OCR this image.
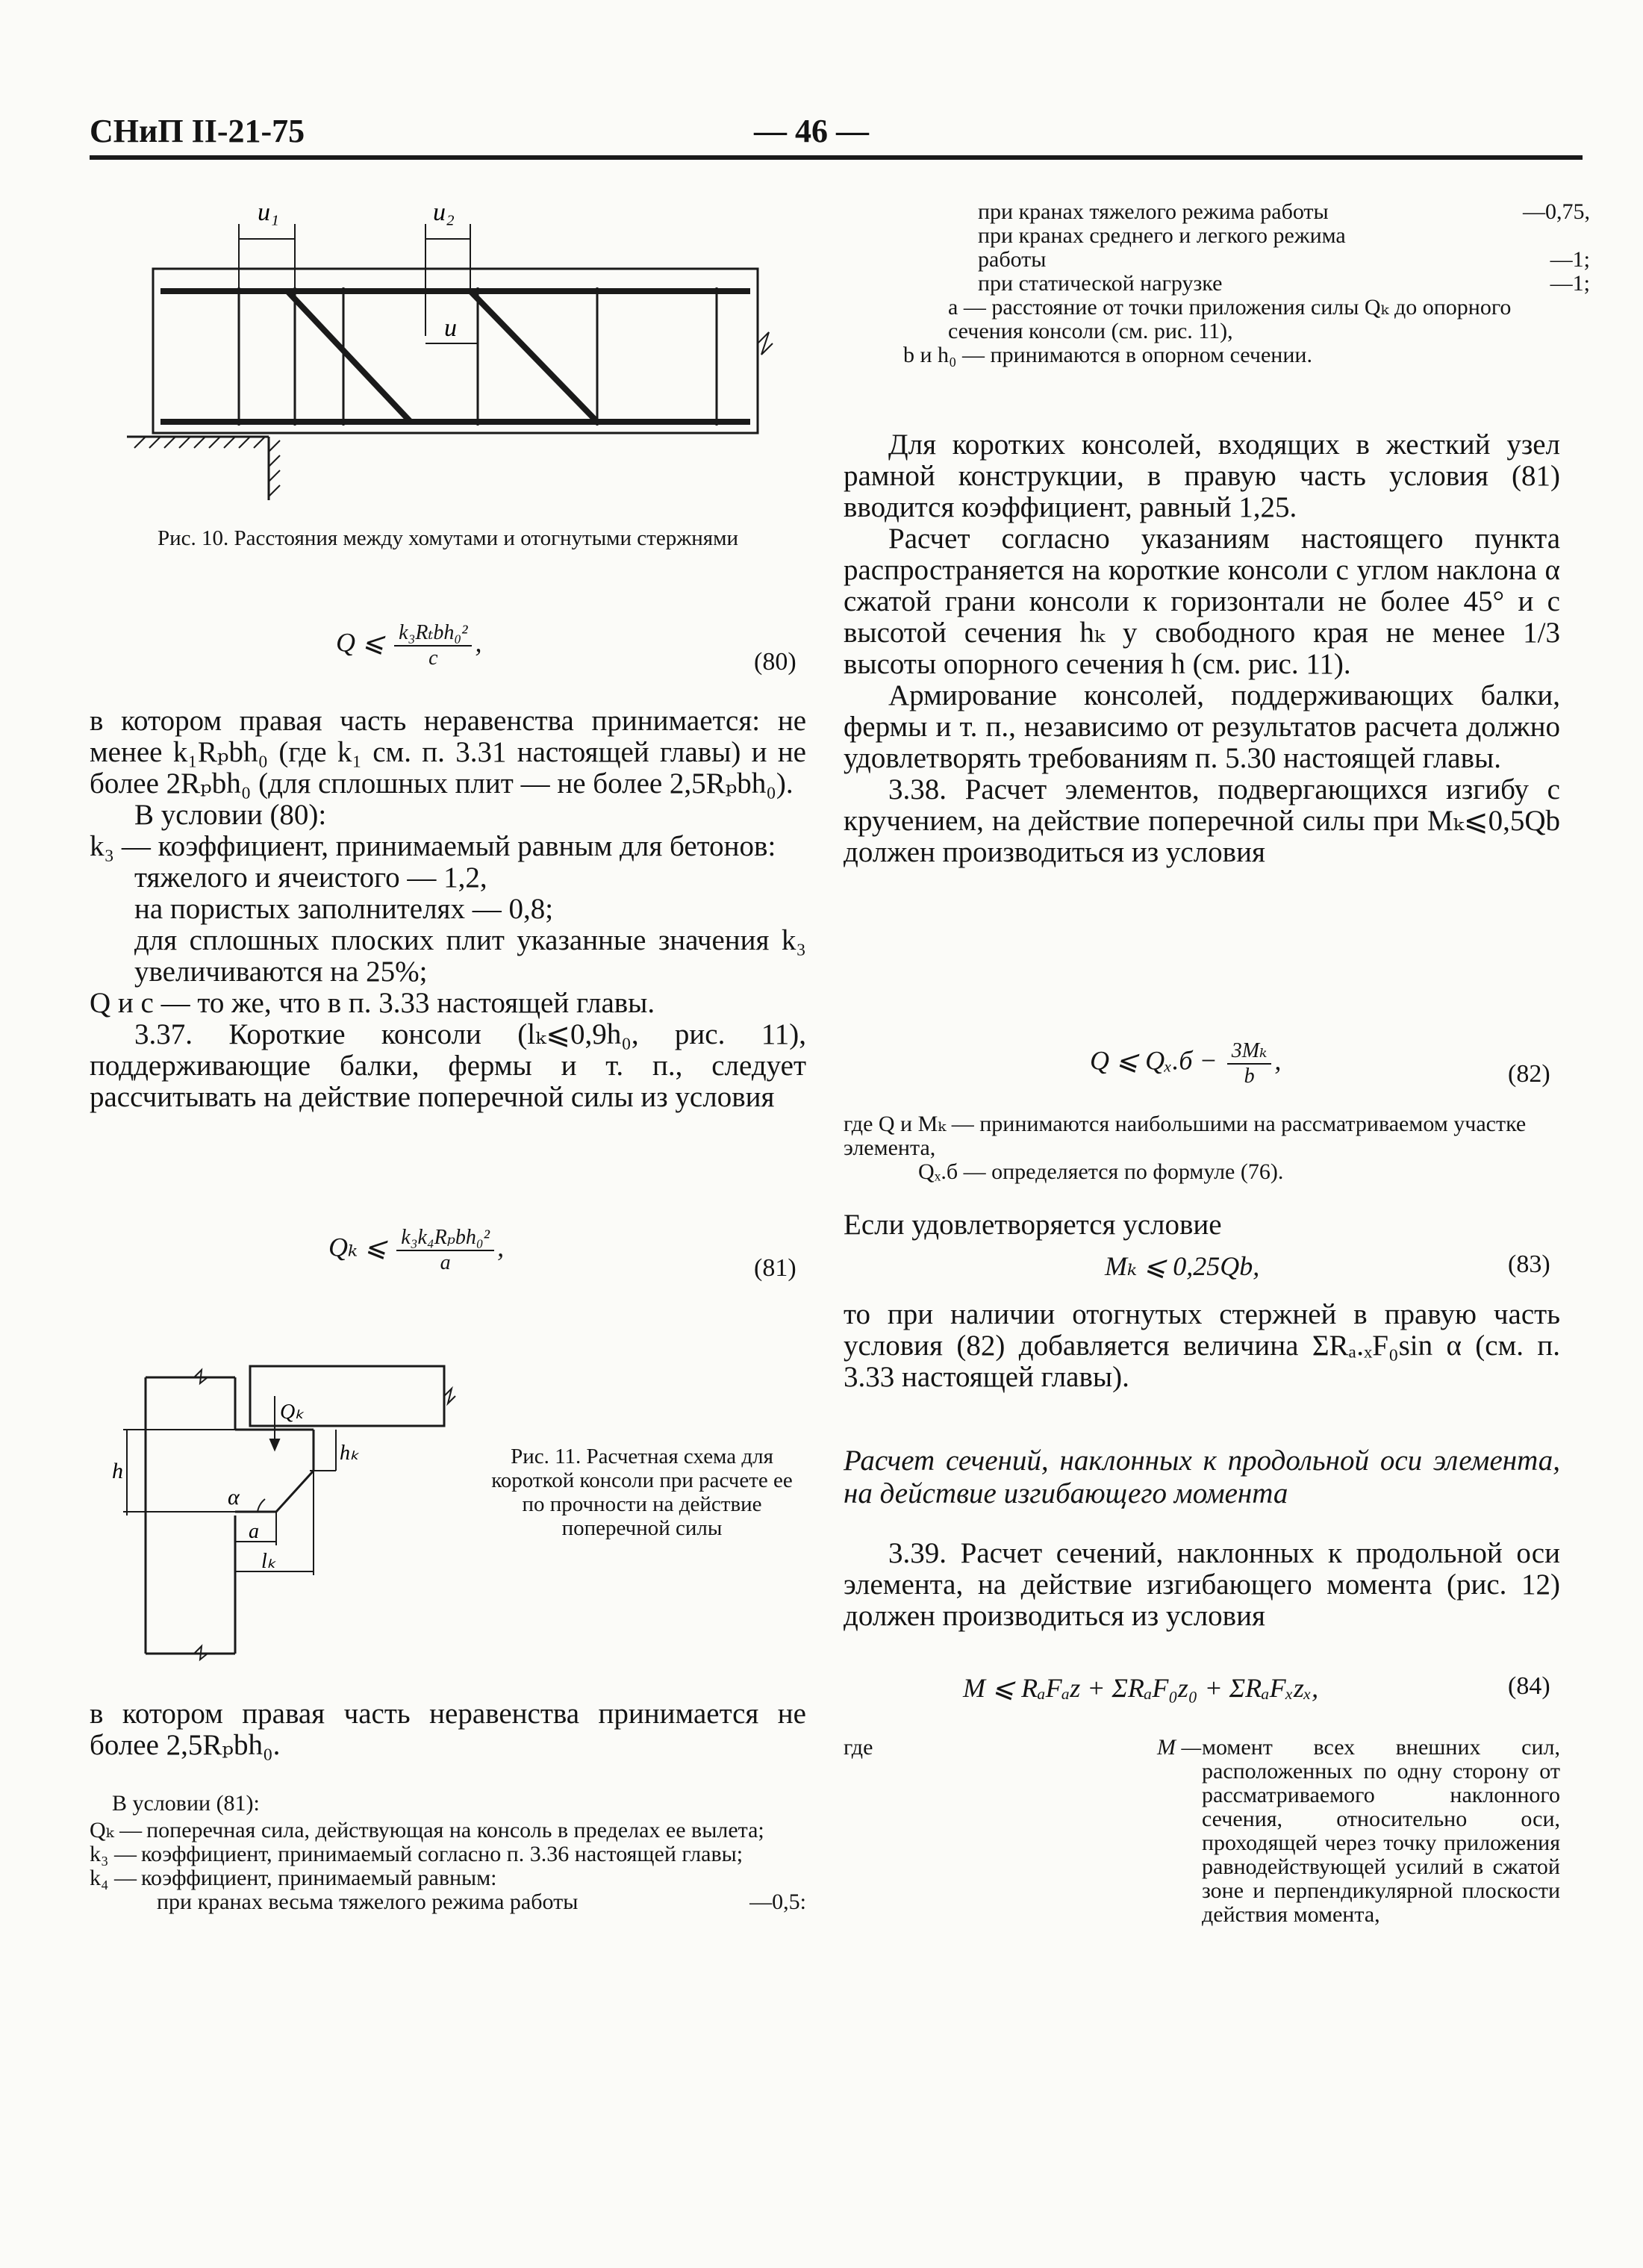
СНиП II-21-75	— 46 —
u₁	u₂
u
Рис. 10. Расстояния между хомутами и отогнутыми стержнями
Q ⩽ $\frac{\text{k₃Rₜbh₀²}}{c}$ ,
(80)

в котором правая часть неравенства принимается: не менее k₁Rₚbh₀ (где k₁ см. п. 3.31 настоящей главы) и не более 2Rₚbh₀ (для сплошных плит — не более 2,5Rₚbh₀).

В условии (80):

k₃ — коэффициент, принимаемый равным для бетонов:

тяжелого и ячеистого — 1,2,

на пористых заполнителях — 0,8;

для сплошных плоских плит указанные значения k₃ увеличиваются на 25%;

Q и c — то же, что в п. 3.33 настоящей главы.

3.37. Короткие консоли (lₖ⩽0,9h₀, рис. 11), поддерживающие балки, фермы и т. п., следует рассчитывать на действие поперечной силы из условия

Qₖ ⩽ $\frac{\text{k₃k₄Rₚbh₀²}}{a}$ ,
(81)
Qₖ
hₖ
h
α
a
lₖ
Рис. 11. Расчетная схема для короткой консоли при расчете ее по прочности на действие поперечной силы

в котором правая часть неравенства принимается не более 2,5Rₚbh₀.

В условии (81):

Qₖ — поперечная сила, действующая на консоль в пределах ее вылета;
k₃ — коэффициент, принимаемый согласно п. 3.36 настоящей главы;
k₄ — коэффициент, принимаемый равным:
при кранах весьма тяжелого режима работы	—0,5:
при кранах тяжелого режима работы	—0,75,
при кранах среднего и легкого режима работы	—1;
при статической нагрузке	—1;

a — расстояние от точки приложения силы Qₖ до опорного сечения консоли (см. рис. 11),

b и h₀ — принимаются в опорном сечении.

Для коротких консолей, входящих в жесткий узел рамной конструкции, в правую часть условия (81) вводится коэффициент, равный 1,25.

Расчет согласно указаниям настоящего пункта распространяется на короткие консоли с углом наклона α сжатой грани консоли к горизонтали не более 45° и с высотой сечения hₖ у свободного края не менее 1/3 высоты опорного сечения h (см. рис. 11).

Армирование консолей, поддерживающих балки, фермы и т. п., независимо от результатов расчета должно удовлетворять требованиям п. 5.30 настоящей главы.

3.38. Расчет элементов, подвергающихся изгибу с кручением, на действие поперечной силы при Mₖ⩽0,5Qb должен производиться из условия

Q ⩽ $Q_x.б - \frac{\text{3Mₖ}}{b}$ ,	(82)

где Q и Mₖ — принимаются наибольшими на рассматриваемом участке элемента,

Qₓ.б — определяется по формуле (76).

Если удовлетворяется условие

Mₖ ⩽ 0,25Qb,	(83)

то при наличии отогнутых стержней в правую часть условия (82) добавляется величина ΣRₐ.ₓF₀sin α (см. п. 3.33 настоящей главы).

Расчет сечений, наклонных к продольной оси элемента, на действие изгибающего момента

3.39. Расчет сечений, наклонных к продольной оси элемента, на действие изгибающего момента (рис. 12) должен производиться из условия

M ⩽ RₐFₐz + ΣRₐF₀z₀ + ΣRₐFₓzₓ,	(84)
где	M — момент всех внешних сил, расположенных по одну сторону от рассматриваемого наклонного сечения, относительно оси, проходящей через точку приложения равнодействующей усилий в сжатой зоне и перпендикулярной плоскости действия момента,
